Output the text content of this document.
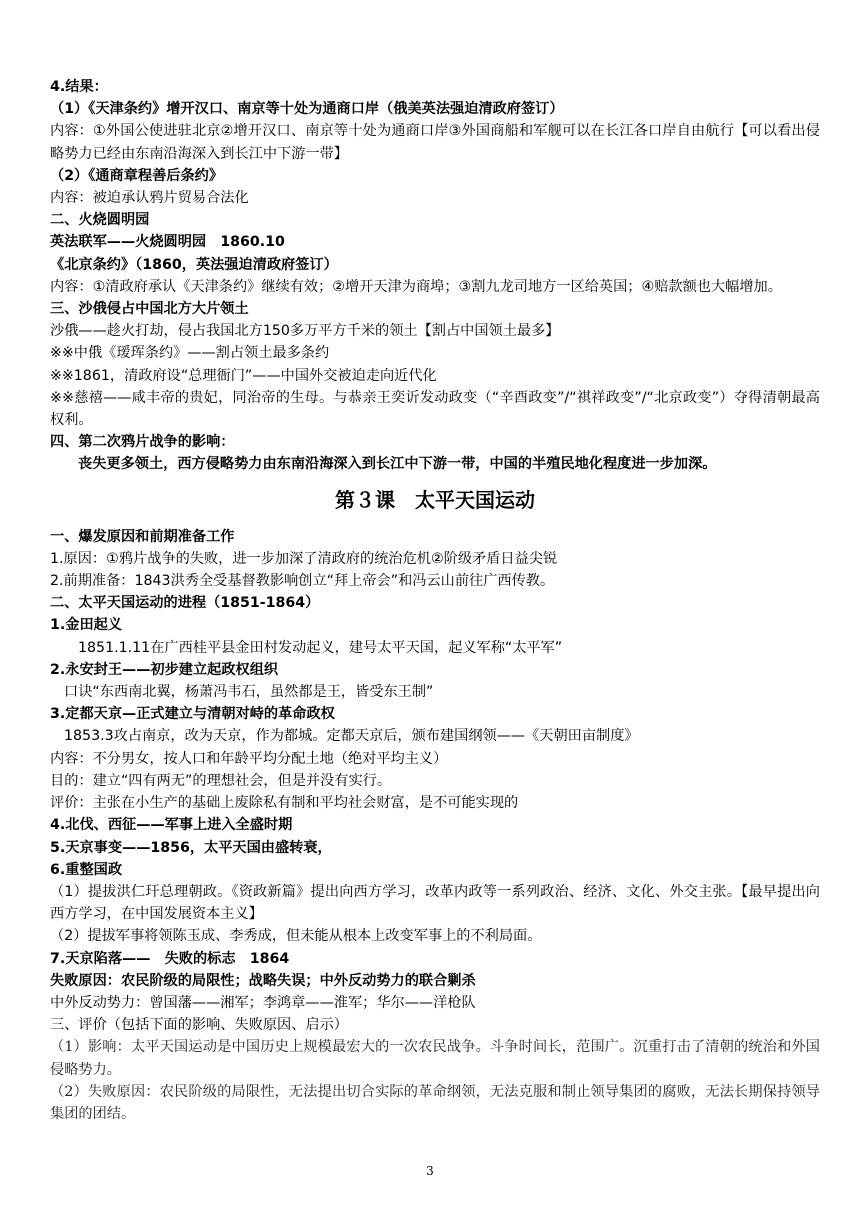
4.结果：
（1）《天津条约》增开汉口、南京等十处为通商口岸（俄美英法强迫清政府签订）
内容：①外国公使进驻北京②增开汉口、南京等十处为通商口岸③外国商船和军舰可以在长江各口岸自由航行【可以看出侵略势力已经由东南沿海深入到长江中下游一带】
（2）《通商章程善后条约》
内容：被迫承认鸦片贸易合法化
二、火烧圆明园
英法联军——火烧圆明园　1860.10
《北京条约》（1860，英法强迫清政府签订）
内容：①清政府承认《天津条约》继续有效；②增开天津为商埠；③割九龙司地方一区给英国；④赔款额也大幅增加。
三、沙俄侵占中国北方大片领土
沙俄——趁火打劫，侵占我国北方150多万平方千米的领土【割占中国领土最多】
※※中俄《瑷珲条约》——割占领土最多条约
※※1861，清政府设“总理衙门”——中国外交被迫走向近代化
※※慈禧——咸丰帝的贵妃，同治帝的生母。与恭亲王奕䜣发动政变（“辛酉政变”/“祺祥政变”/“北京政变”）夺得清朝最高权利。
四、第二次鸦片战争的影响：
丧失更多领土，西方侵略势力由东南沿海深入到长江中下游一带，中国的半殖民地化程度进一步加深。
第３课　太平天国运动
一、爆发原因和前期准备工作
1.原因：①鸦片战争的失败，进一步加深了清政府的统治危机②阶级矛盾日益尖锐
2.前期准备：1843洪秀全受基督教影响创立“拜上帝会”和冯云山前往广西传教。
二、太平天国运动的进程（1851-1864）
1.金田起义
1851.1.11在广西桂平县金田村发动起义，建号太平天国，起义军称“太平军”
2.永安封王——初步建立起政权组织
口诀“东西南北翼，杨萧冯韦石，虽然都是王，皆受东王制”
3.定都天京—正式建立与清朝对峙的革命政权
1853.3攻占南京，改为天京，作为都城。定都天京后，颁布建国纲领——《天朝田亩制度》
内容：不分男女，按人口和年龄平均分配土地（绝对平均主义）
目的：建立“四有两无”的理想社会，但是并没有实行。
评价：主张在小生产的基础上废除私有制和平均社会财富，是不可能实现的
4.北伐、西征——军事上进入全盛时期
5.天京事变——1856，太平天国由盛转衰，
6.重整国政
（1）提拔洪仁玕总理朝政。《资政新篇》提出向西方学习，改革内政等一系列政治、经济、文化、外交主张。【最早提出向西方学习，在中国发展资本主义】
（2）提拔军事将领陈玉成、李秀成，但未能从根本上改变军事上的不利局面。
7.天京陷落——　失败的标志　1864
失败原因：农民阶级的局限性；战略失误；中外反动势力的联合剿杀
中外反动势力：曾国藩——湘军；李鸿章——淮军；华尔——洋枪队
三、评价（包括下面的影响、失败原因、启示）
（1）影响：太平天国运动是中国历史上规模最宏大的一次农民战争。斗争时间长，范围广。沉重打击了清朝的统治和外国侵略势力。
（2）失败原因：农民阶级的局限性，无法提出切合实际的革命纲领，无法克服和制止领导集团的腐败，无法长期保持领导集团的团结。
3
